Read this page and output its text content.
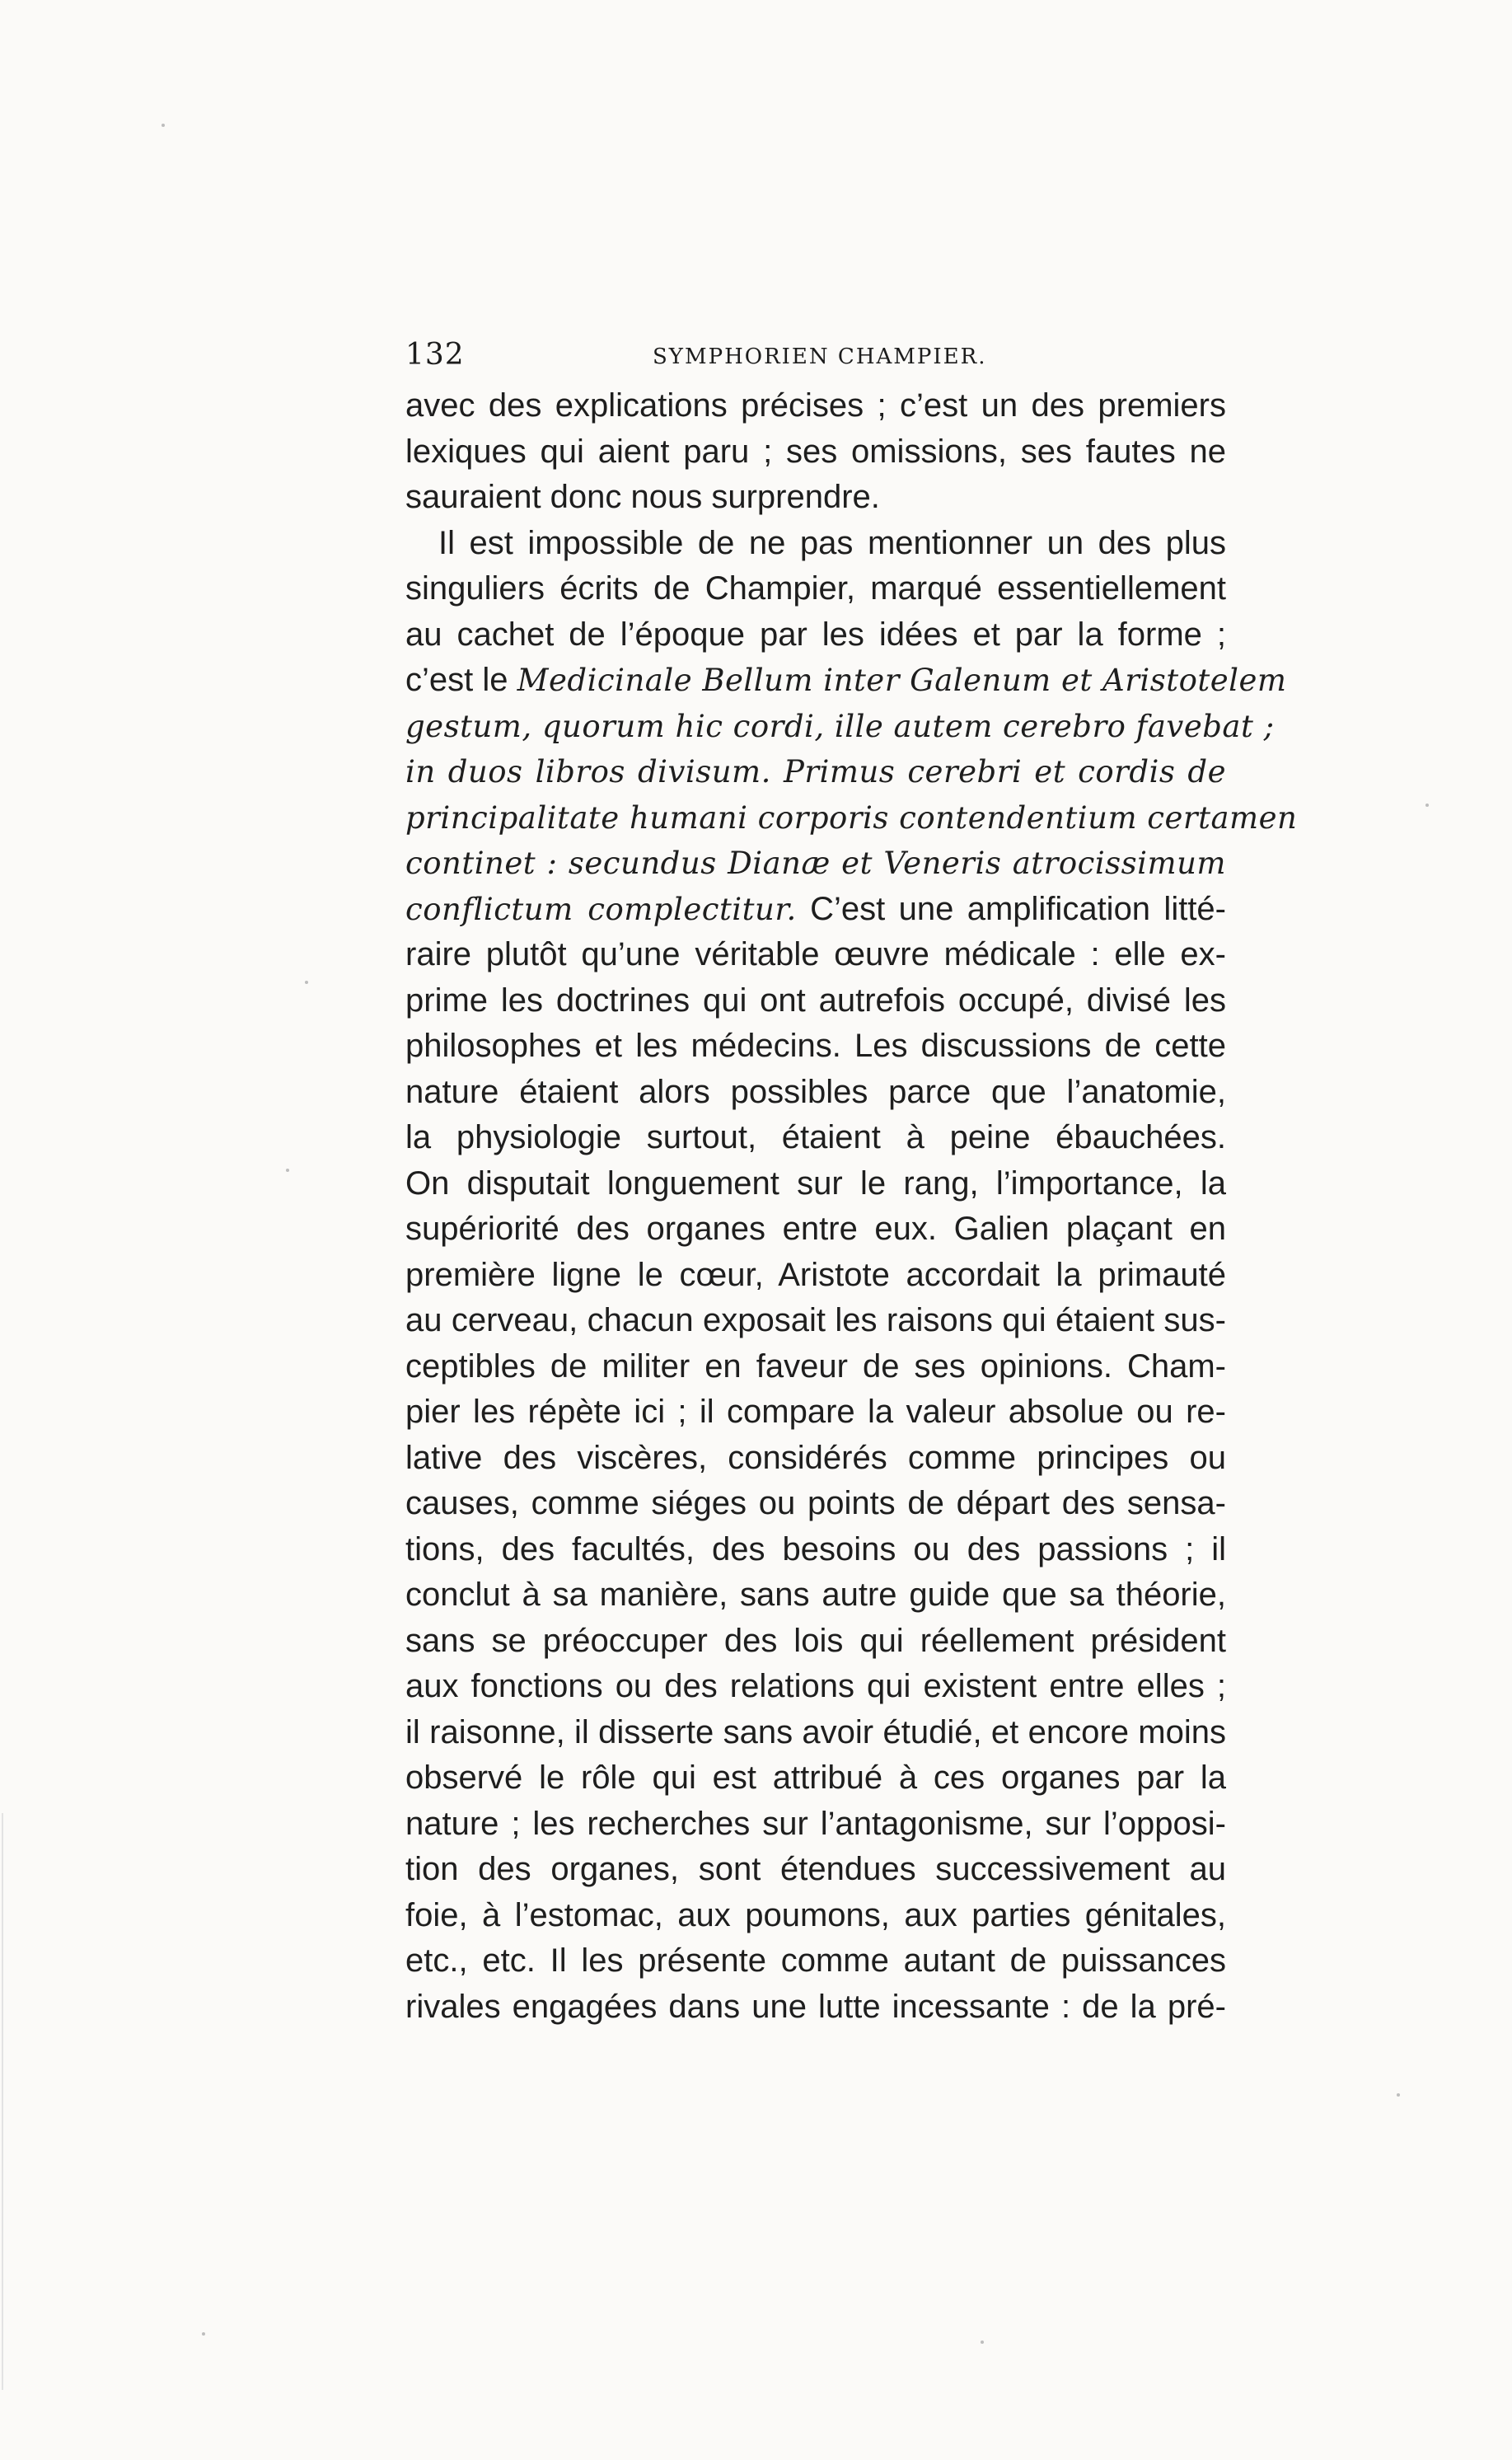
132	SYMPHORIEN CHAMPIER.
avec des explications précises ; c’est un des premiers
lexiques qui aient paru ; ses omissions, ses fautes ne
sauraient donc nous surprendre.
Il est impossible de ne pas mentionner un des plus
singuliers écrits de Champier, marqué essentiellement
au cachet de l’époque par les idées et par la forme ;
c’est le Medicinale Bellum inter Galenum et Aristotelem
gestum, quorum hic cordi, ille autem cerebro favebat ;
in duos libros divisum. Primus cerebri et cordis de
principalitate humani corporis contendentium certamen
continet : secundus Dianæ et Veneris atrocissimum
conflictum complectitur. C’est une amplification litté-
raire plutôt qu’une véritable œuvre médicale : elle ex-
prime les doctrines qui ont autrefois occupé, divisé les
philosophes et les médecins. Les discussions de cette
nature étaient alors possibles parce que l’anatomie,
la physiologie surtout, étaient à peine ébauchées.
On disputait longuement sur le rang, l’importance, la
supériorité des organes entre eux. Galien plaçant en
première ligne le cœur, Aristote accordait la primauté
au cerveau, chacun exposait les raisons qui étaient sus-
ceptibles de militer en faveur de ses opinions. Cham-
pier les répète ici ; il compare la valeur absolue ou re-
lative des viscères, considérés comme principes ou
causes, comme siéges ou points de départ des sensa-
tions, des facultés, des besoins ou des passions ; il
conclut à sa manière, sans autre guide que sa théorie,
sans se préoccuper des lois qui réellement président
aux fonctions ou des relations qui existent entre elles ;
il raisonne, il disserte sans avoir étudié, et encore moins
observé le rôle qui est attribué à ces organes par la
nature ; les recherches sur l’antagonisme, sur l’opposi-
tion des organes, sont étendues successivement au
foie, à l’estomac, aux poumons, aux parties génitales,
etc., etc. Il les présente comme autant de puissances
rivales engagées dans une lutte incessante : de la pré-
